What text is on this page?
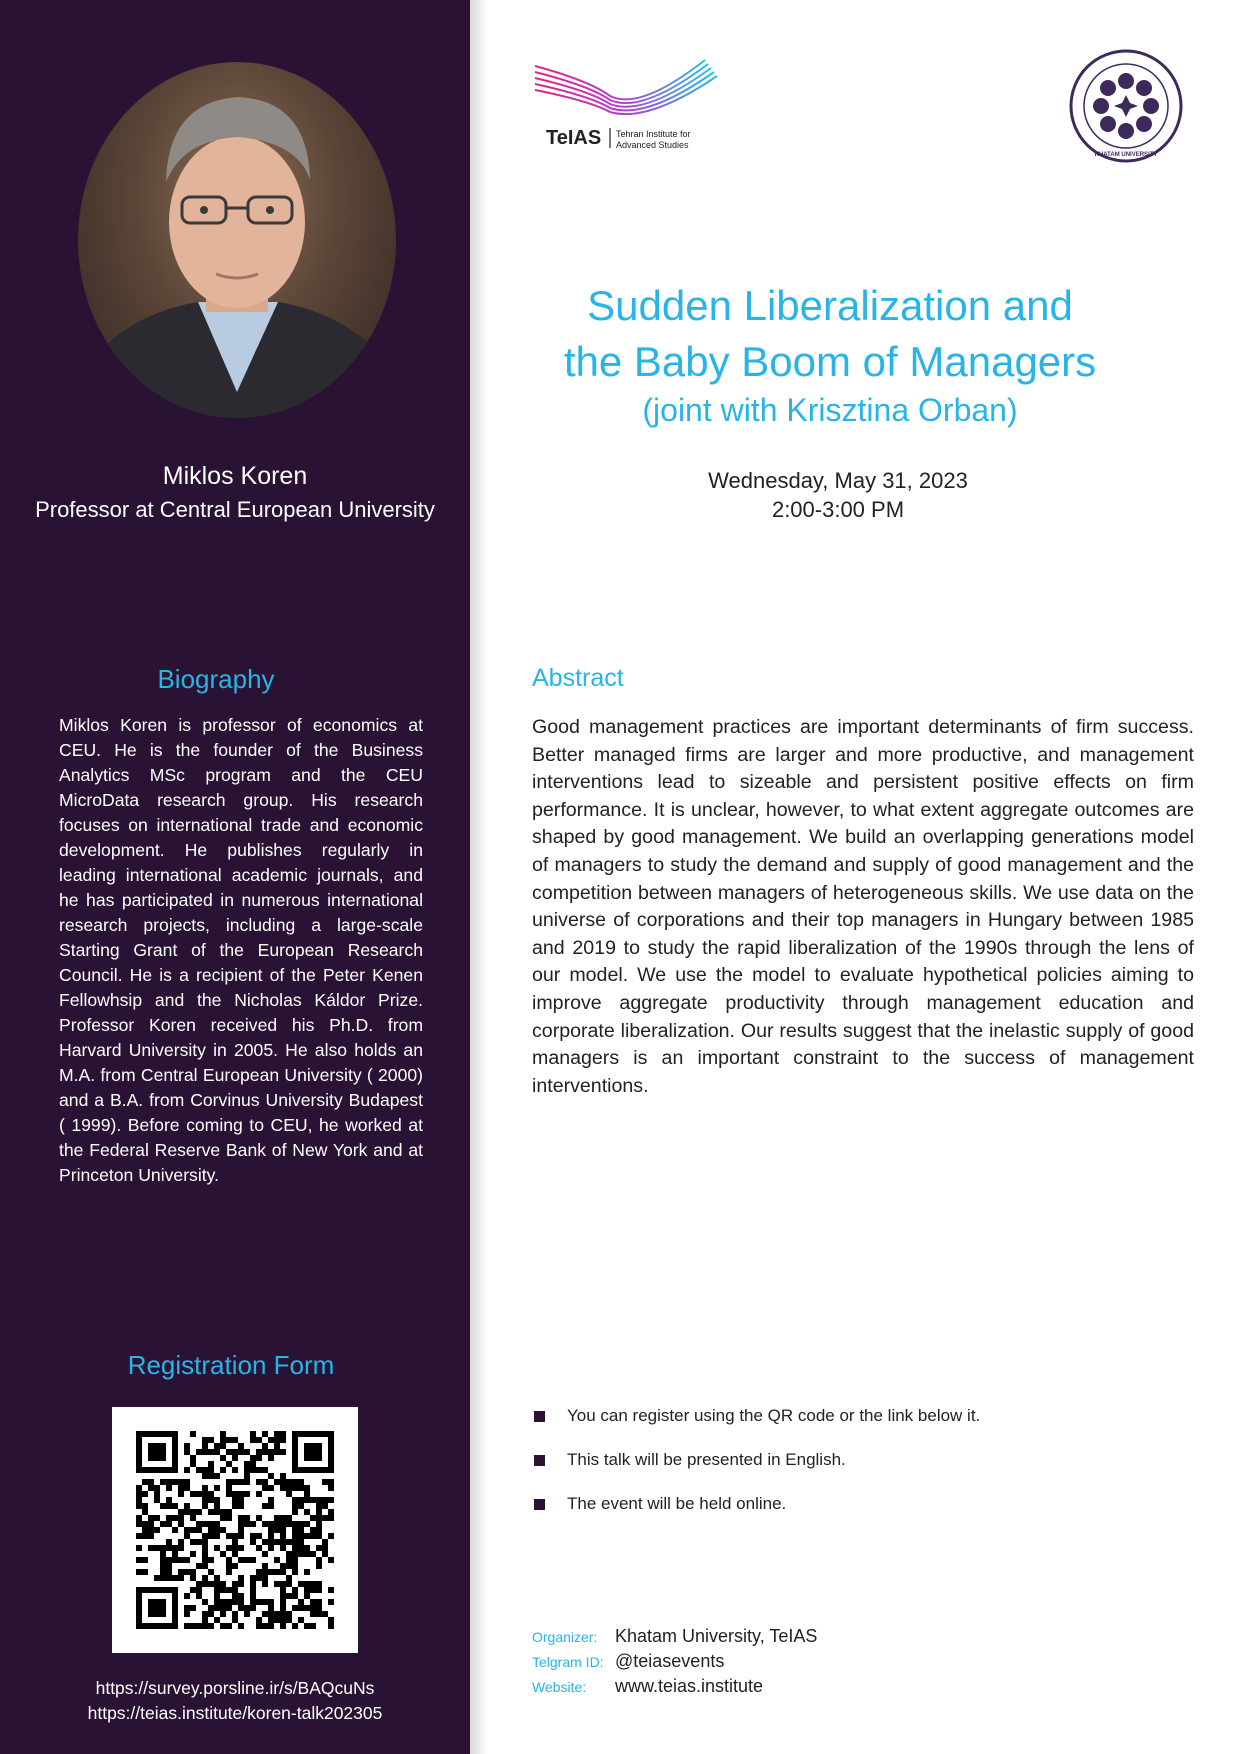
Miklos Koren
Professor at Central European University
Biography
Miklos Koren is professor of economics at CEU. He is the founder of the Business Analytics MSc program and the CEU MicroData research group. His research focuses on international trade and economic development. He publishes regularly in leading international academic journals, and he has participated in numerous international research projects, including a large-scale Starting Grant of the European Research Council. He is a recipient of the Peter Kenen Fellowhsip and the Nicholas Káldor Prize. Professor Koren received his Ph.D. from Harvard University in 2005. He also holds an M.A. from Central European University ( 2000) and a B.A. from Corvinus University Budapest ( 1999). Before coming to CEU, he worked at the Federal Reserve Bank of New York and at Princeton University.
Registration Form
https://survey.porsline.ir/s/BAQcuNs
https://teias.institute/koren-talk202305
TeIAS Tehran Institute for
Advanced Studies
KHATAM UNIVERSITY
Sudden Liberalization and
the Baby Boom of Managers
(joint with Krisztina Orban)
Wednesday, May 31, 2023
2:00-3:00 PM
Abstract
Good management practices are important determinants of firm success. Better managed firms are larger and more productive, and management interventions lead to sizeable and persistent positive effects on firm performance. It is unclear, however, to what extent aggregate outcomes are shaped by good management. We build an overlapping generations model of managers to study the demand and supply of good management and the competition between managers of heterogeneous skills. We use data on the universe of corporations and their top managers in Hungary between 1985 and 2019 to study the rapid liberalization of the 1990s through the lens of our model. We use the model to evaluate hypothetical policies aiming to improve aggregate productivity through management education and corporate liberalization. Our results suggest that the inelastic supply of good managers is an important constraint to the success of management interventions.
You can register using the QR code or the link below it.
This talk will be presented in English.
The event will be held online.
Organizer: Khatam University, TeIAS
Telgram ID: @teiasevents
Website: www.teias.institute
